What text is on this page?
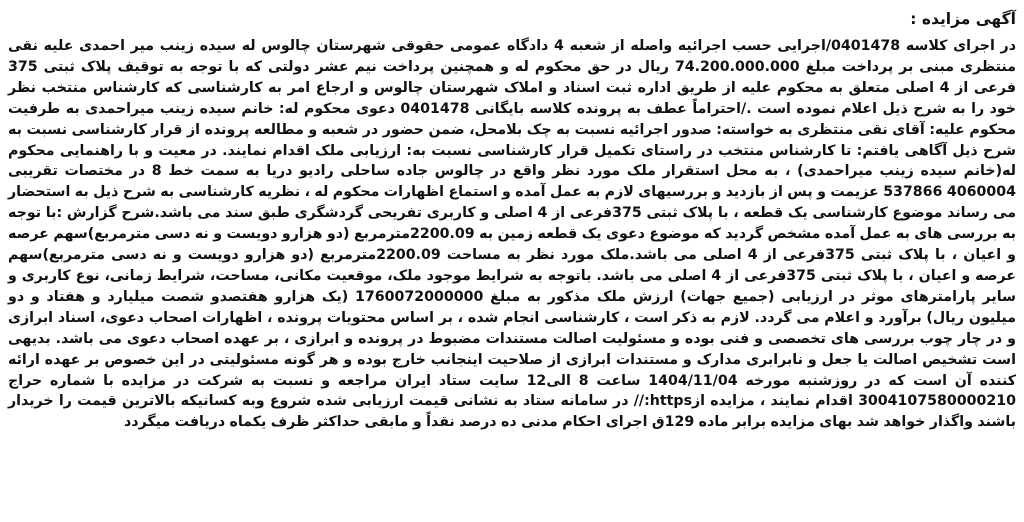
آگهی مزایده :

در اجرای کلاسه 0401478/اجرایی حسب اجرائیه واصله از شعبه 4 دادگاه عمومی حقوقی شهرستان چالوس له سیده زینب میر احمدی علیه نقی منتظری مبنی بر پرداخت مبلغ 74.200.000.000 ریال در حق محکوم له و همچنین پرداخت نیم عشر دولتی که با توجه به توقیف پلاک ثبتی 375 فرعی از 4 اصلی متعلق به محکوم علیه از طریق اداره ثبت اسناد و املاک شهرستان چالوس و ارجاع امر به کارشناسی که کارشناس منتخب نظر خود را به شرح ذیل اعلام نموده است ./احتراماً عطف به پرونده کلاسه بایگانی 0401478 دعوی محکوم له: خانم سیده زینب میراحمدی به طرفیت محکوم علیه: آقای نقی منتظری به خواسته: صدور اجرائیه نسبت به چک بلامحل، ضمن حضور در شعبه و مطالعه پرونده از قرار کارشناسی نسبت به شرح ذیل آگاهی یافتم: تا کارشناس منتخب در راستای تکمیل قرار کارشناسی نسبت به: ارزیابی ملک اقدام نمایند. در معیت و با راهنمایی محکوم له(خانم سیده زینب میراحمدی) ، به محل استقرار ملک مورد نظر واقع در چالوس جاده ساحلی رادیو دریا به سمت خط 8 در مختصات تقریبی 4060004 537866 عزیمت و پس از بازدید و بررسیهای لازم به عمل آمده و استماع اظهارات محکوم له ، نظریه کارشناسی به شرح ذیل به استحضار می رساند موضوع کارشناسی یک قطعه ، با پلاک ثبتی 375فرعی از 4 اصلی و کاربری تفریحی گردشگری طبق سند می باشد.شرح گزارش :با توجه به بررسی های به عمل آمده مشخص گردید که موضوع دعوی یک قطعه زمین به 2200.09مترمربع (دو هزارو دویست و نه دسی مترمربع)سهم عرصه و اعیان ، با پلاک ثبتی 375فرعی از 4 اصلی می باشد.ملک مورد نظر به مساحت 2200.09مترمربع (دو هزارو دویست و نه دسی مترمربع)سهم عرصه و اعیان ، با پلاک ثبتی 375فرعی از 4 اصلی می باشد. باتوجه به شرایط موجود ملک، موقعیت مکانی، مساحت، شرایط زمانی، نوع کاربری و سایر پارامترهای موثر در ارزیابی (جمیع جهات) ارزش ملک مذکور به مبلغ 1760072000000 (یک هزارو هفتصدو شصت میلیارد و هفتاد و دو میلیون ریال) برآورد و اعلام می گردد. لازم به ذکر است ، کارشناسی انجام شده ، بر اساس محتویات پرونده ، اظهارات اصحاب دعوی، اسناد ابرازی و در چار چوب بررسی های تخصصی و فنی بوده و مسئولیت اصالت مستندات مضبوط در پرونده و ابرازی ، بر عهده اصحاب دعوی می باشد. بدیهی است تشخیص اصالت یا جعل و نابرابری مدارک و مستندات ابرازی از صلاحیت اینجانب خارج بوده و هر گونه مسئولیتی در این خصوص بر عهده ارائه کننده آن است که در روزشنبه مورخه 1404/11/04 ساعت 8 الی12 سایت ستاد ایران مراجعه و نسبت به شرکت در مزایده با شماره حراج 3004107580000210 اقدام نمایند ، مزایده ازhttps:// در سامانه ستاد به نشانی قیمت ارزیابی شده شروع وبه کسانیکه بالاترین قیمت را خریدار باشند واگذار خواهد شد بهای مزایده برابر ماده 129ق اجرای احکام مدنی ده درصد نقداً و مابقی حداکثر ظرف یکماه دریافت میگردد
